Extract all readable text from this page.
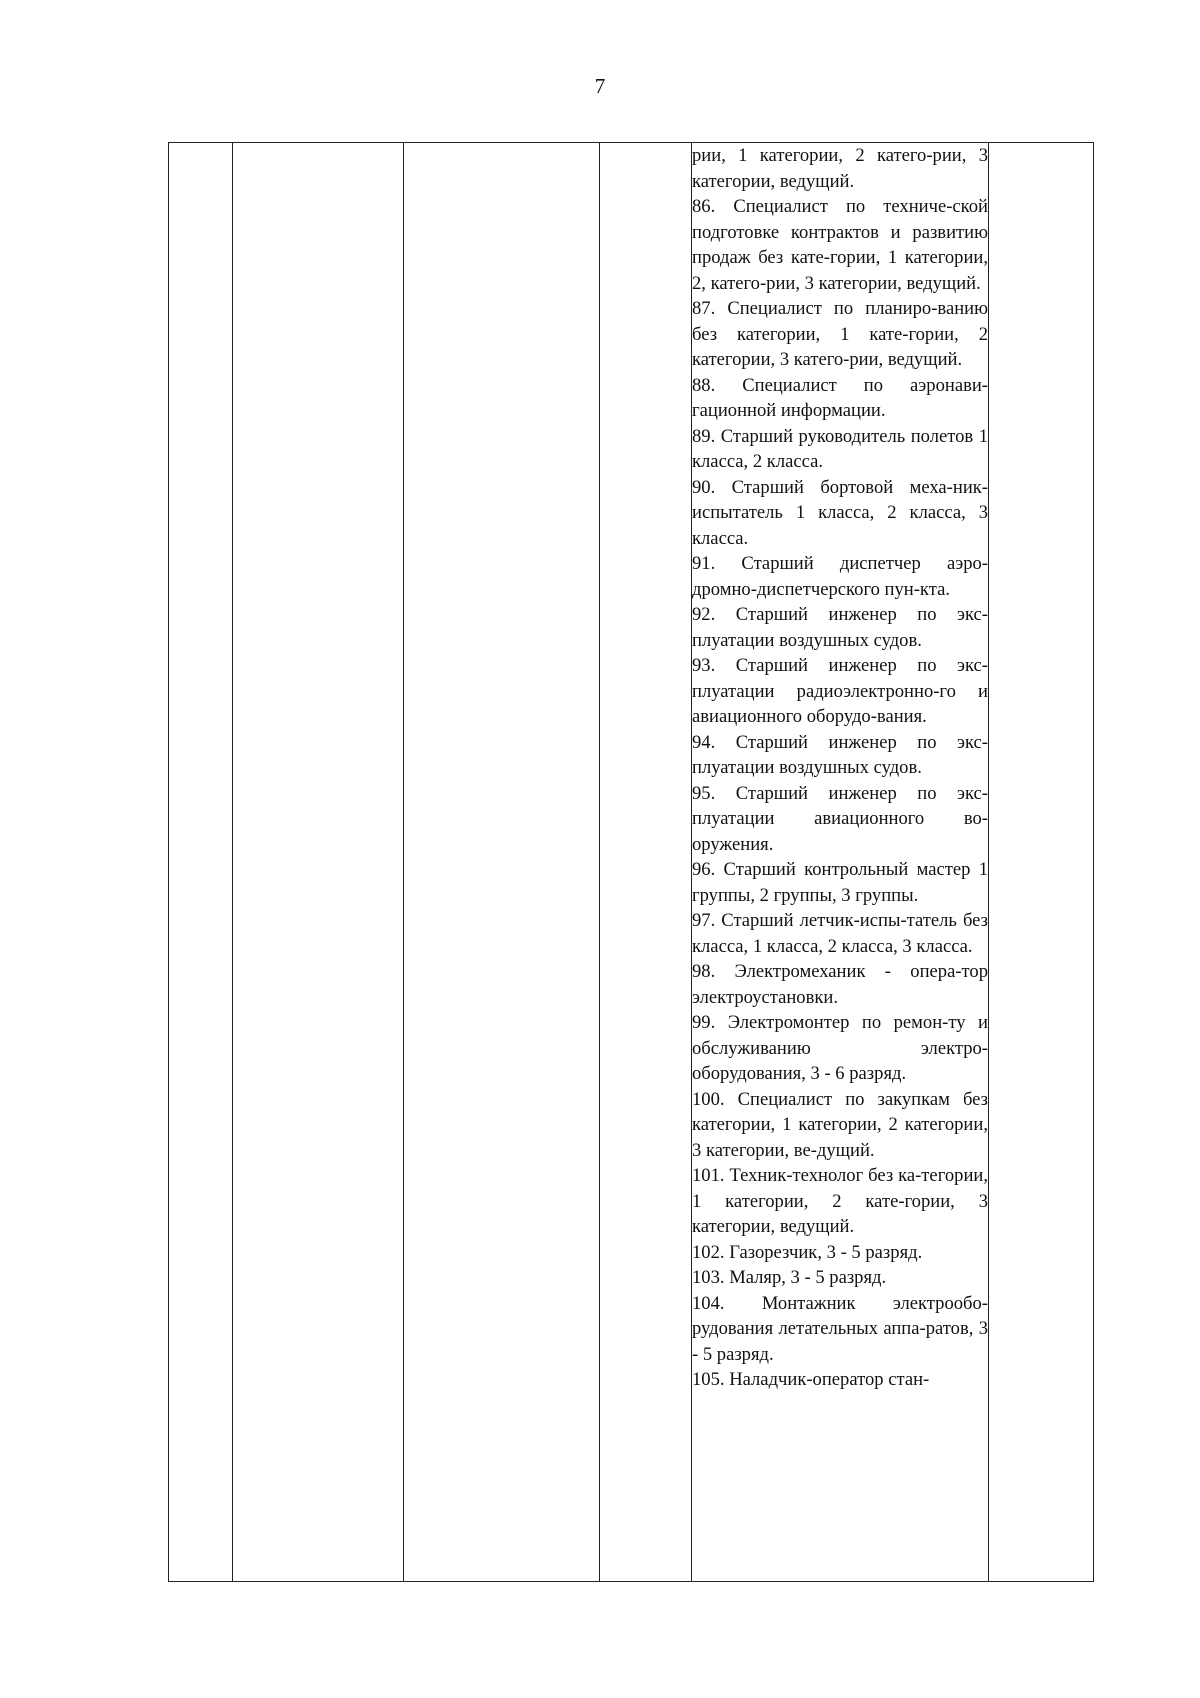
7

рии, 1 категории, 2 катего-рии, 3 категории, ведущий.
86. Специалист по техниче-ской подготовке контрактов и развитию продаж без кате-гории, 1 категории, 2, катего-рии, 3 категории, ведущий.
87. Специалист по планиро-ванию без категории, 1 кате-гории, 2 категории, 3 катего-рии, ведущий.
88. Специалист по аэронави-гационной информации.
89. Старший руководитель полетов 1 класса, 2 класса.
90. Старший бортовой меха-ник-испытатель 1 класса, 2 класса, 3 класса.
91. Старший диспетчер аэро-дромно-диспетчерского пун-кта.
92. Старший инженер по экс-плуатации воздушных судов.
93. Старший инженер по экс-плуатации радиоэлектронно-го и авиационного оборудо-вания.
94. Старший инженер по экс-плуатации воздушных судов.
95. Старший инженер по экс-плуатации авиационного во-оружения.
96. Старший контрольный мастер 1 группы, 2 группы, 3 группы.
97. Старший летчик-испы-татель без класса, 1 класса, 2 класса, 3 класса.
98. Электромеханик - опера-тор электроустановки.
99. Электромонтер по ремон-ту и обслуживанию электро-оборудования, 3 - 6 разряд.
100. Специалист по закупкам без категории, 1 категории, 2 категории, 3 категории, ве-дущий.
101. Техник-технолог без ка-тегории, 1 категории, 2 кате-гории, 3 категории, ведущий.
102. Газорезчик, 3 - 5 разряд.
103. Маляр, 3 - 5 разряд.
104. Монтажник электрообо-рудования летательных аппа-ратов, 3 - 5 разряд.
105. Наладчик-оператор стан-
